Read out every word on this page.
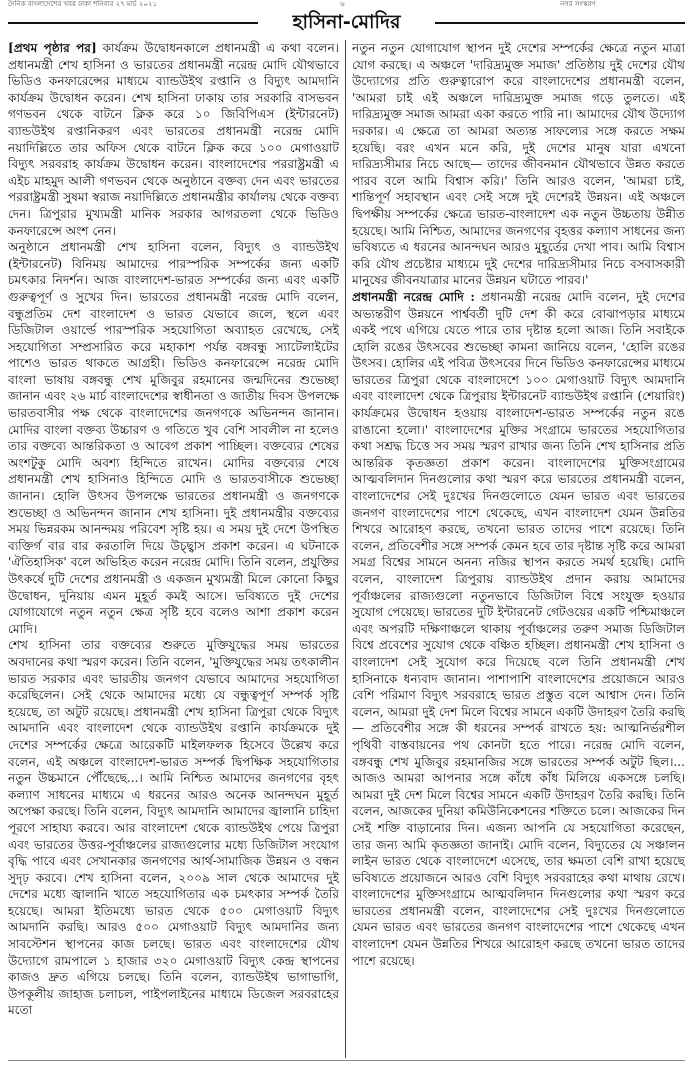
দৈনিক বাংলাদেশের খবর ঢাকা শনিবার ২৭ মার্চ ২০২১	৬	নগর সংস্করণ
হাসিনা-মোদির

[প্রথম পৃষ্ঠার পর] কার্যক্রম উদ্বোধনকালে প্রধানমন্ত্রী এ কথা বলেন। প্রধানমন্ত্রী শেখ হাসিনা ও ভারতের প্রধানমন্ত্রী নরেন্দ্র মোদি যৌথভাবে ভিডিও কনফারেন্সের মাধ্যমে ব্যান্ডউইথ রপ্তানি ও বিদ্যুৎ আমদানি কার্যক্রম উদ্বোধন করেন। শেখ হাসিনা ঢাকায় তার সরকারি বাসভবন গণভবন থেকে বাটনে ক্লিক করে ১০ জিবিপিএস (ইন্টারনেট) ব্যান্ডউইথ রপ্তানিকরণ এবং ভারতের প্রধানমন্ত্রী নরেন্দ্র মোদি নয়াদিল্লিতে তার অফিস থেকে বাটনে ক্লিক করে ১০০ মেগাওয়াট বিদ্যুৎ সরবরাহ কার্যক্রম উদ্বোধন করেন। বাংলাদেশের পররাষ্ট্রমন্ত্রী এ এইচ মাহমুদ আলী গণভবন থেকে অনুষ্ঠানে বক্তব্য দেন এবং ভারতের পররাষ্ট্রমন্ত্রী সুষমা স্বরাজ নয়াদিল্লিতে প্রধানমন্ত্রীর কার্যালয় থেকে বক্তব্য দেন। ত্রিপুরার মুখ্যমন্ত্রী মানিক সরকার আগরতলা থেকে ভিডিও কনফারেন্সে অংশ নেন।

অনুষ্ঠানে প্রধানমন্ত্রী শেখ হাসিনা বলেন, বিদ্যুৎ ও ব্যান্ডউইথ (ইন্টারনেট) বিনিময় আমাদের পারস্পরিক সম্পর্কের জন্য একটি চমৎকার নিদর্শন। আজ বাংলাদেশ-ভারত সম্পর্কের জন্য এবং একটি গুরুত্বপূর্ণ ও সুখের দিন। ভারতের প্রধানমন্ত্রী নরেন্দ্র মোদি বলেন, বন্ধুপ্রতিম দেশ বাংলাদেশ ও ভারত যেভাবে জলে, স্থলে এবং ডিজিটাল ওয়ার্ল্ডে পারস্পরিক সহযোগিতা অব্যাহত রেখেছে, সেই সহযোগিতা সম্প্রসারিত করে মহাকাশ পর্যন্ত বঙ্গবন্ধু স্যাটেলাইটের পাশেও ভারত থাকতে আগ্রহী। ভিডিও কনফারেন্সে নরেন্দ্র মোদি বাংলা ভাষায় বঙ্গবন্ধু শেখ মুজিবুর রহমানের জন্মদিনের শুভেচ্ছা জানান এবং ২৬ মার্চ বাংলাদেশের স্বাধীনতা ও জাতীয় দিবস উপলক্ষে ভারতবাসীর পক্ষ থেকে বাংলাদেশের জনগণকে অভিনন্দন জানান। মোদির বাংলা বক্তব্য উচ্চারণ ও গতিতে খুব বেশি সাবলীল না হলেও তার বক্তব্যে আন্তরিকতা ও আবেগ প্রকাশ পাচ্ছিল। বক্তব্যের শেষের অংশটুকু মোদি অবশ্য হিন্দিতে রাখেন। মোদির বক্তব্যের শেষে প্রধানমন্ত্রী শেখ হাসিনাও হিন্দিতে মোদি ও ভারতবাসীকে শুভেচ্ছা জানান। হোলি উৎসব উপলক্ষে ভারতের প্রধানমন্ত্রী ও জনগণকে শুভেচ্ছা ও অভিনন্দন জানান শেখ হাসিনা। দুই প্রধানমন্ত্রীর বক্তব্যের সময় ভিন্নরকম আনন্দময় পরিবেশ সৃষ্টি হয়। এ সময় দুই দেশে উপস্থিত ব্যক্তির্গ বার বার করতালি দিয়ে উচ্ছ্বাস প্রকাশ করেন। এ ঘটনাকে 'ঐতিহাসিক' বলে অভিহিত করেন নরেন্দ্র মোদি। তিনি বলেন, প্রযুক্তির উৎকর্ষে দুটি দেশের প্রধানমন্ত্রী ও একজন মুখ্যমন্ত্রী মিলে কোনো কিছুর উদ্বোধন, দুনিয়ায় এমন মুহূর্ত কমই আসে। ভবিষ্যতে দুই দেশের যোগাযোগে নতুন নতুন ক্ষেত্র সৃষ্টি হবে বলেও আশা প্রকাশ করেন মোদি।

শেখ হাসিনা তার বক্তব্যের শুরুতে মুক্তিযুদ্ধের সময় ভারতের অবদানের কথা স্মরণ করেন। তিনি বলেন, 'মুক্তিযুদ্ধের সময় তৎকালীন ভারত সরকার এবং ভারতীয় জনগণ যেভাবে আমাদের সহযোগিতা করেছিলেন। সেই থেকে আমাদের মধ্যে যে বন্ধুত্বপূর্ণ সম্পর্ক সৃষ্টি হয়েছে, তা অটুট রয়েছে। প্রধানমন্ত্রী শেখ হাসিনা ত্রিপুরা থেকে বিদ্যুৎ আমদানি এবং বাংলাদেশ থেকে ব্যান্ডউইথ রপ্তানি কার্যক্রমকে দুই দেশের সম্পর্কের ক্ষেত্রে আরেকটি মাইলফলক হিসেবে উল্লেখ করে বলেন, এই অঞ্চলে বাংলাদেশ-ভারত সম্পর্ক দ্বিপক্ষিক সহযোগিতার নতুন উচ্চমানে পৌঁছেছে...। আমি নিশ্চিত আমাদের জনগণের বৃহৎ কল্যাণ সাধনের মাধ্যমে এ ধরনের আরও অনেক আনন্দঘন মুহূর্ত অপেক্ষা করছে। তিনি বলেন, বিদ্যুৎ আমদানি আমাদের জ্বালানি চাহিদা পূরণে সাহায্য করবে। আর বাংলাদেশ থেকে ব্যান্ডউইথ পেয়ে ত্রিপুরা এবং ভারতের উত্তর-পূর্বাঞ্চলের রাজ্যগুলোর মধ্যে ডিজিটাল সংযোগ বৃদ্ধি পাবে এবং সেখানকার জনগণের আর্থ-সামাজিক উন্নয়ন ও বন্ধন সুদৃঢ় করবে। শেখ হাসিনা বলেন, ২০০৯ সাল থেকে আমাদের দুই দেশের মধ্যে জ্বালানি খাতে সহযোগিতার এক চমৎকার সম্পর্ক তৈরি হয়েছে। আমরা ইতিমধ্যে ভারত থেকে ৫০০ মেগাওয়াট বিদ্যুৎ আমদানি করছি। আরও ৫০০ মেগাওয়াট বিদ্যুৎ আমদানির জন্য সাবস্টেশন স্থাপনের কাজ চলছে। ভারত এবং বাংলাদেশের যৌথ উদ্যোগে রামপালে ১ হাজার ৩২০ মেগাওয়াট বিদ্যুৎ কেন্দ্র স্থাপনের কাজও দ্রুত এগিয়ে চলছে। তিনি বলেন, ব্যান্ডউইথ ভাগাভাগি, উপকূলীয় জাহাজ চলাচল, পাইপলাইনের মাধ্যমে ডিজেল সরবরাহের মতো

নতুন নতুন যোগাযোগ স্থাপন দুই দেশের সম্পর্কের ক্ষেত্রে নতুন মাত্রা যোগ করছে। এ অঞ্চলে 'দারিদ্র্যমুক্ত সমাজ' প্রতিষ্ঠায় দুই দেশের যৌথ উদ্যোগের প্রতি গুরুত্বারোপ করে বাংলাদেশের প্রধানমন্ত্রী বলেন, 'আমরা চাই এই অঞ্চলে দারিদ্র্যমুক্ত সমাজ গড়ে তুলতে। এই দারিদ্র্যমুক্ত সমাজ আমরা একা করতে পারি না। আমাদের যৌথ উদ্যোগ দরকার। এ ক্ষেত্রে তা আমরা অত্যন্ত সাফল্যের সঙ্গে করতে সক্ষম হয়েছি। বরং এখন মনে করি, দুই দেশের মানুষ যারা এখনো দারিদ্র্যসীমার নিচে আছে— তাদের জীবনমান যৌথভাবে উন্নত করতে পারব বলে আমি বিশ্বাস করি।' তিনি আরও বলেন, 'আমরা চাই, শান্তিপূর্ণ সহাবস্থান এবং সেই সঙ্গে দুই দেশেরই উন্নয়ন। এই অঞ্চলে দ্বিপক্ষীয় সম্পর্কের ক্ষেত্রে ভারত-বাংলাদেশ এক নতুন উচ্চতায় উন্নীত হয়েছে। আমি নিশ্চিত, আমাদের জনগণের বৃহত্তর কল্যাণ সাধনের জন্য ভবিষ্যতে এ ধরনের আনন্দঘন আরও মুহূর্তের দেখা পাব। আমি বিশ্বাস করি যৌথ প্রচেষ্টার মাধ্যমে দুই দেশের দারিদ্র্যসীমার নিচে বসবাসকারী মানুষের জীবনযাত্রার মানের উন্নয়ন ঘটাতে পারব।'

প্রধানমন্ত্রী নরেন্দ্র মোদি : প্রধানমন্ত্রী নরেন্দ্র মোদি বলেন, দুই দেশের অভ্যন্তরীণ উন্নয়নে পার্শ্ববর্তী দুটি দেশ কী করে বোঝাপড়ার মাধ্যমে একই পথে এগিয়ে যেতে পারে তার দৃষ্টান্ত হলো আজ। তিনি সবাইকে হোলি রঙের উৎসবের শুভেচ্ছা কামনা জানিয়ে বলেন, 'হোলি রঙের উৎসব। হোলির এই পবিত্র উৎসবের দিনে ভিডিও কনফারেন্সের মাধ্যমে ভারতের ত্রিপুরা থেকে বাংলাদেশে ১০০ মেগাওয়াট বিদ্যুৎ আমদানি এবং বাংলাদেশ থেকে ত্রিপুরায় ইন্টারনেট ব্যান্ডউইথ রপ্তানি (শেয়ারিং) কার্যক্রমের উদ্বোধন হওয়ায় বাংলাদেশ-ভারত সম্পর্কের নতুন রঙে রাঙানো হলো।' বাংলাদেশের মুক্তির সংগ্রামে ভারতের সহযোগিতার কথা সশ্রদ্ধ চিত্তে সব সময় স্মরণ রাখার জন্য তিনি শেখ হাসিনার প্রতি আন্তরিক কৃতজ্ঞতা প্রকাশ করেন। বাংলাদেশের মুক্তিসংগ্রামের আত্মবলিদান দিনগুলোর কথা স্মরণ করে ভারতের প্রধানমন্ত্রী বলেন, বাংলাদেশের সেই দুঃখের দিনগুলোতে যেমন ভারত এবং ভারতের জনগণ বাংলাদেশের পাশে থেকেছে, এখন বাংলাদেশ যেমন উন্নতির শিখরে আরোহণ করছে, তখনো ভারত তাদের পাশে রয়েছে। তিনি বলেন, প্রতিবেশীর সঙ্গে সম্পর্ক কেমন হবে তার দৃষ্টান্ত সৃষ্টি করে আমরা সমগ্র বিশ্বের সামনে অনন্য নজির স্থাপন করতে সমর্থ হয়েছি। মোদি বলেন, বাংলাদেশ ত্রিপুরায় ব্যান্ডউইথ প্রদান করায় আমাদের পূর্বাঞ্চলের রাজ্যগুলো নতুনভাবে ডিজিটাল বিশ্বে সংযুক্ত হওয়ার সুযোগ পেয়েছে। ভারতের দুটি ইন্টারনেট গেটওয়ের একটি পশ্চিমাঞ্চলে এবং অপরটি দক্ষিণাঞ্চলে থাকায় পূর্বাঞ্চলের তরুণ সমাজ ডিজিটাল বিশ্বে প্রবেশের সুযোগ থেকে বঞ্চিত হচ্ছিল। প্রধানমন্ত্রী শেখ হাসিনা ও বাংলাদেশ সেই সুযোগ করে দিয়েছে বলে তিনি প্রধানমন্ত্রী শেখ হাসিনাকে ধন্যবাদ জানান। পাশাপাশি বাংলাদেশের প্রয়োজনে আরও বেশি পরিমাণ বিদ্যুৎ সরবরাহে ভারত প্রস্তুত বলে আশ্বাস দেন। তিনি বলেন, আমরা দুই দেশ মিলে বিশ্বের সামনে একটি উদাহরণ তৈরি করছি— প্রতিবেশীর সঙ্গে কী ধরনের সম্পর্ক রাখতে হয়: আত্মনির্ভরশীল পৃথিবী বাস্তবায়নের পথ কোনটা হতে পারে। নরেন্দ্র মোদি বলেন, বঙ্গবন্ধু শেখ মুজিবুর রহমানজির সঙ্গে ভারতের সম্পর্ক অটুট ছিল।... আজও আমরা আপনার সঙ্গে কাঁধে কাঁধ মিলিয়ে একসঙ্গে চলছি। আমরা দুই দেশ মিলে বিশ্বের সামনে একটি উদাহরণ তৈরি করছি। তিনি বলেন, আজকের দুনিয়া কমিউনিকেশনের শক্তিতে চলে। আজকের দিন সেই শক্তি বাড়ানোর দিন। এজন্য আপনি যে সহযোগিতা করেছেন, তার জন্য আমি কৃতজ্ঞতা জানাই। মোদি বলেন, বিদ্যুতের যে সঞ্চালন লাইন ভারত থেকে বাংলাদেশে এসেছে, তার ক্ষমতা বেশি রাখা হয়েছে ভবিষ্যতে প্রয়োজনে আরও বেশি বিদ্যুৎ সরবরাহের কথা মাথায় রেখে। বাংলাদেশের মুক্তিসংগ্রামে আত্মবলিদান দিনগুলোর কথা স্মরণ করে ভারতের প্রধানমন্ত্রী বলেন, বাংলাদেশের সেই দুঃখের দিনগুলোতে যেমন ভারত এবং ভারতের জনগণ বাংলাদেশের পাশে থেকেছে এখন বাংলাদেশ যেমন উন্নতির শিখরে আরোহণ করছে তখনো ভারত তাদের পাশে রয়েছে।
